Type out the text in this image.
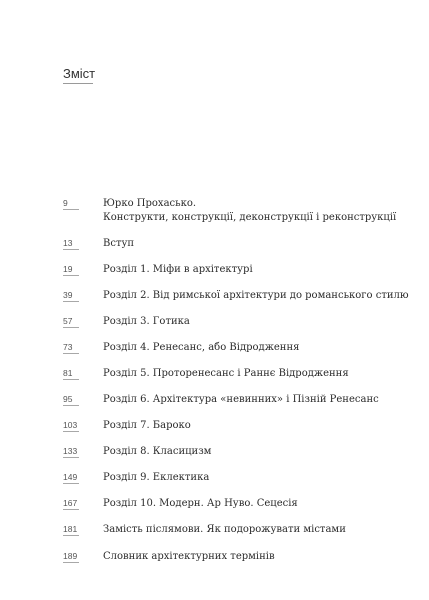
Зміст
9	Юрко Прохасько.
Конструкти, конструкції, деконструкції і реконструкції
13	Вступ
19	Розділ 1. Міфи в архітектурі
39	Розділ 2. Від римської архітектури до романського стилю
57	Розділ 3. Готика
73	Розділ 4. Ренесанс, або Відродження
81	Розділ 5. Проторенесанс і Раннє Відродження
95	Розділ 6. Архітектура «невинних» і Пізній Ренесанс
103	Розділ 7. Бароко
133	Розділ 8. Класицизм
149	Розділ 9. Еклектика
167	Розділ 10. Модерн. Ар Нуво. Сецесія
181	Замість післямови. Як подорожувати містами
189	Словник архітектурних термінів
